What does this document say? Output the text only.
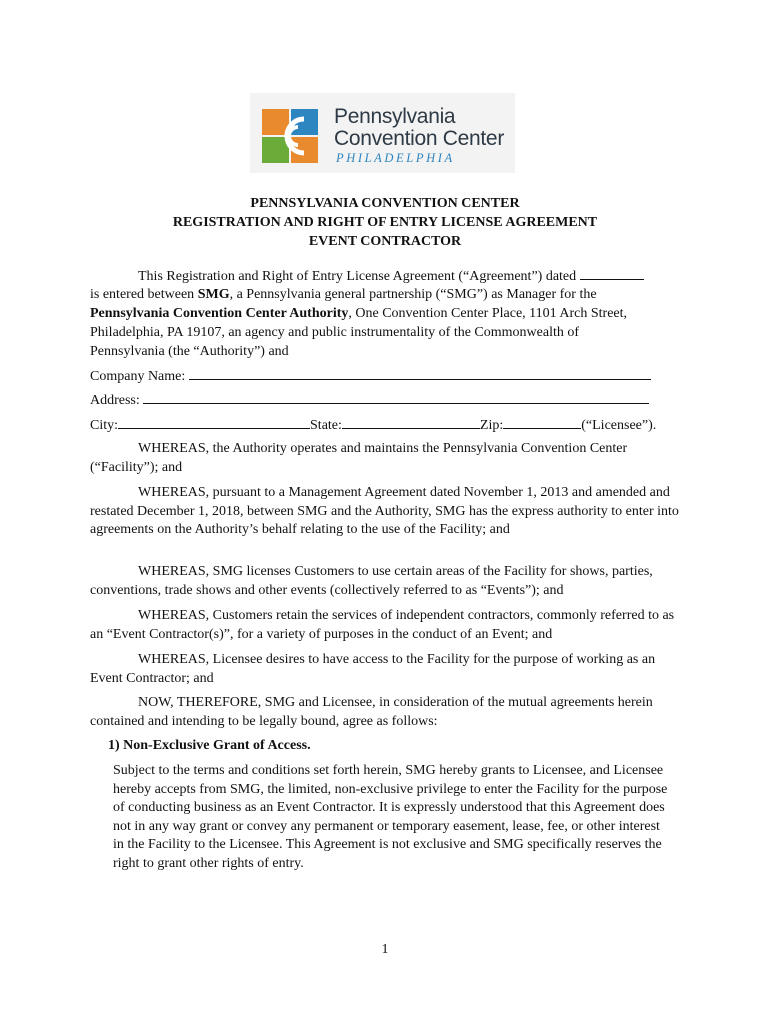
Pennsylvania
Convention Center
PHILADELPHIA
PENNSYLVANIA CONVENTION CENTER
REGISTRATION AND RIGHT OF ENTRY LICENSE AGREEMENT
EVENT CONTRACTOR
This Registration and Right of Entry License Agreement (“Agreement”) dated
is entered between SMG, a Pennsylvania general partnership (“SMG”) as Manager for the
Pennsylvania Convention Center Authority, One Convention Center Place, 1101 Arch Street,
Philadelphia, PA 19107, an agency and public instrumentality of the Commonwealth of
Pennsylvania (the “Authority”) and
Company Name:
Address:
City:	State:	Zip:	(“Licensee”).
WHEREAS, the Authority operates and maintains the Pennsylvania Convention Center (“Facility”); and
WHEREAS, pursuant to a Management Agreement dated November 1, 2013 and amended and restated December 1, 2018, between SMG and the Authority, SMG has the express authority to enter into agreements on the Authority’s behalf relating to the use of the Facility; and
WHEREAS, SMG licenses Customers to use certain areas of the Facility for shows, parties, conventions, trade shows and other events (collectively referred to as “Events”); and
WHEREAS, Customers retain the services of independent contractors, commonly referred to as an “Event Contractor(s)”, for a variety of purposes in the conduct of an Event; and
WHEREAS, Licensee desires to have access to the Facility for the purpose of working as an Event Contractor; and
NOW, THEREFORE, SMG and Licensee, in consideration of the mutual agreements herein contained and intending to be legally bound, agree as follows:
1) Non-Exclusive Grant of Access.
Subject to the terms and conditions set forth herein, SMG hereby grants to Licensee, and Licensee hereby accepts from SMG, the limited, non-exclusive privilege to enter the Facility for the purpose of conducting business as an Event Contractor. It is expressly understood that this Agreement does not in any way grant or convey any permanent or temporary easement, lease, fee, or other interest in the Facility to the Licensee. This Agreement is not exclusive and SMG specifically reserves the right to grant other rights of entry.
1
